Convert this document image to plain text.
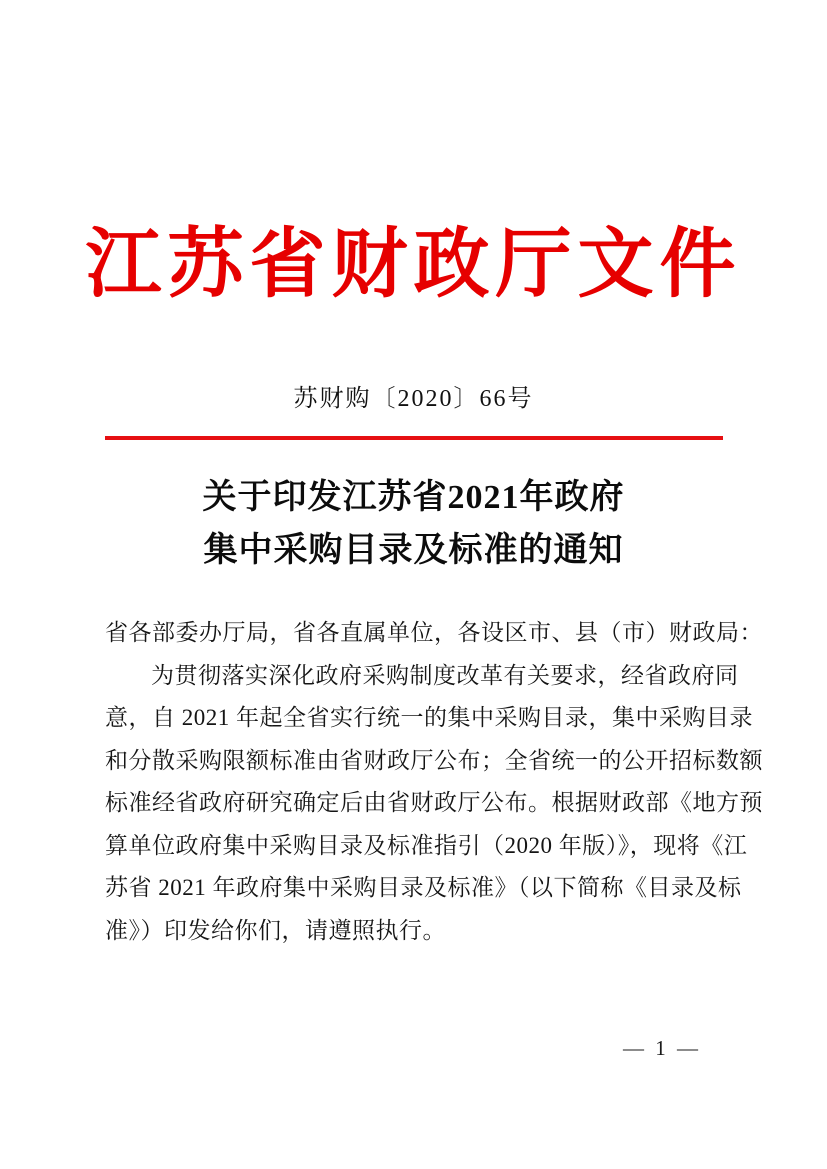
江苏省财政厅文件
苏财购〔2020〕66号
关于印发江苏省2021年政府
集中采购目录及标准的通知
省各部委办厅局，省各直属单位，各设区市、县（市）财政局：
为贯彻落实深化政府采购制度改革有关要求，经省政府同
意，自 2021 年起全省实行统一的集中采购目录，集中采购目录
和分散采购限额标准由省财政厅公布；全省统一的公开招标数额
标准经省政府研究确定后由省财政厅公布。根据财政部《地方预
算单位政府集中采购目录及标准指引（2020 年版）》，现将《江
苏省 2021 年政府集中采购目录及标准》（以下简称《目录及标
准》）印发给你们，请遵照执行。
— 1 —
